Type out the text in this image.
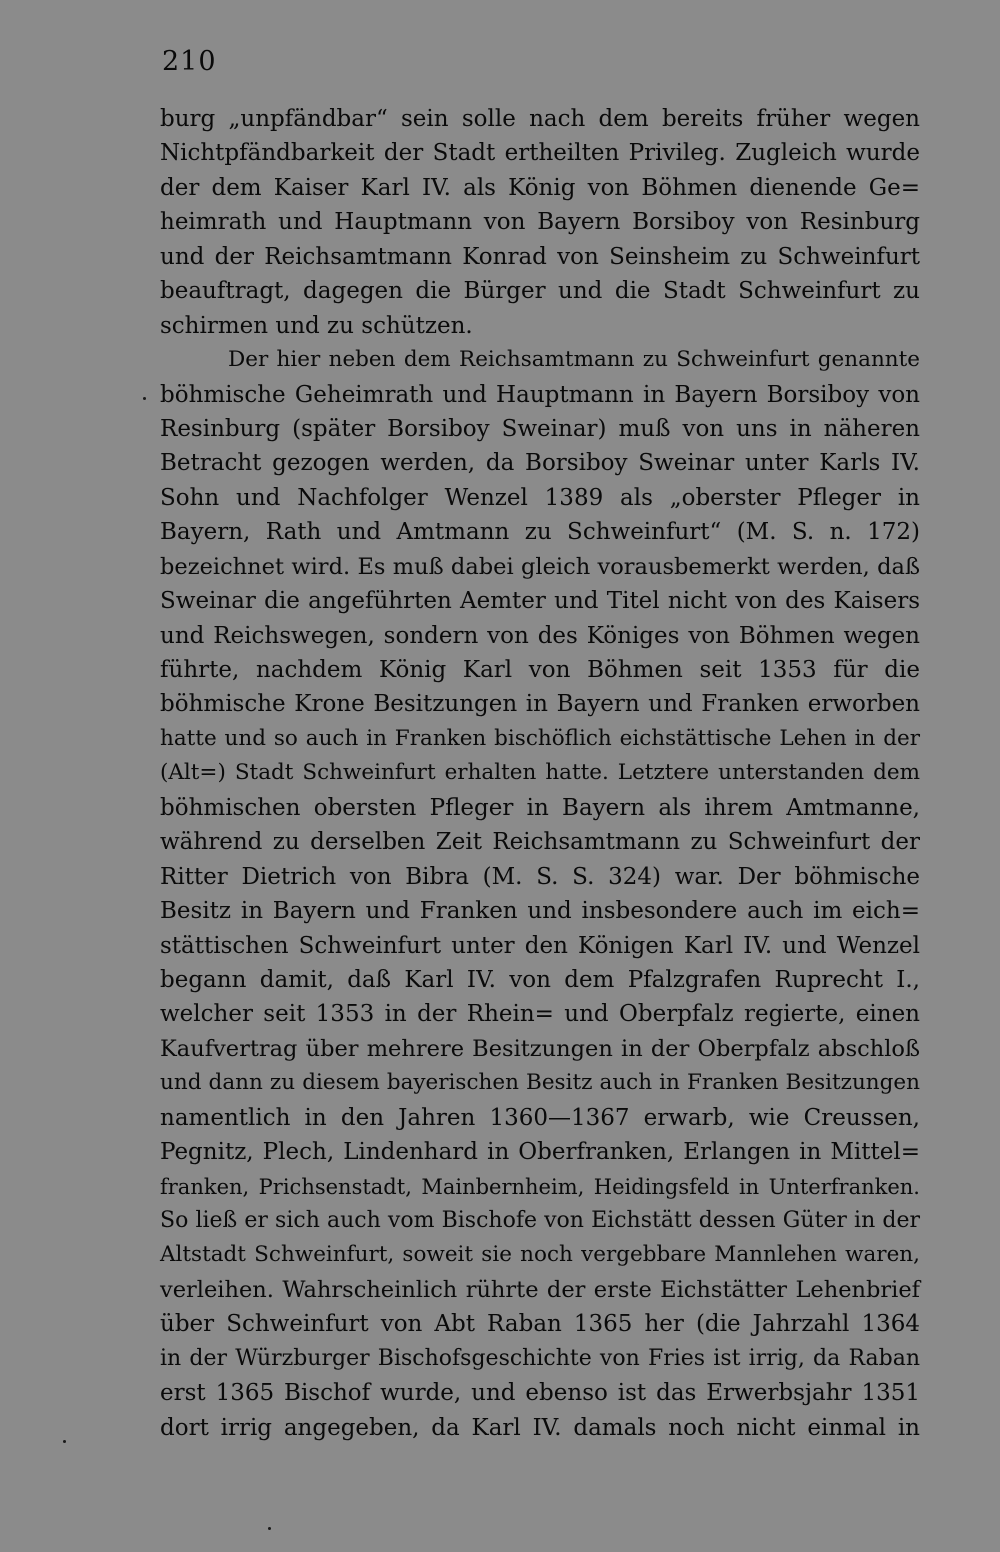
210
burg „unpfändbar“ sein solle nach dem bereits früher wegen
Nichtpfändbarkeit der Stadt ertheilten Privileg. Zugleich wurde
der dem Kaiser Karl IV. als König von Böhmen dienende Ge=
heimrath und Hauptmann von Bayern Borsiboy von Resinburg
und der Reichsamtmann Konrad von Seinsheim zu Schweinfurt
beauftragt, dagegen die Bürger und die Stadt Schweinfurt zu
schirmen und zu schützen.
Der hier neben dem Reichsamtmann zu Schweinfurt genannte
böhmische Geheimrath und Hauptmann in Bayern Borsiboy von
Resinburg (später Borsiboy Sweinar) muß von uns in näheren
Betracht gezogen werden, da Borsiboy Sweinar unter Karls IV.
Sohn und Nachfolger Wenzel 1389 als „oberster Pfleger in
Bayern, Rath und Amtmann zu Schweinfurt“ (M. S. n. 172)
bezeichnet wird. Es muß dabei gleich vorausbemerkt werden, daß
Sweinar die angeführten Aemter und Titel nicht von des Kaisers
und Reichswegen, sondern von des Königes von Böhmen wegen
führte, nachdem König Karl von Böhmen seit 1353 für die
böhmische Krone Besitzungen in Bayern und Franken erworben
hatte und so auch in Franken bischöflich eichstättische Lehen in der
(Alt=) Stadt Schweinfurt erhalten hatte. Letztere unterstanden dem
böhmischen obersten Pfleger in Bayern als ihrem Amtmanne,
während zu derselben Zeit Reichsamtmann zu Schweinfurt der
Ritter Dietrich von Bibra (M. S. S. 324) war. Der böhmische
Besitz in Bayern und Franken und insbesondere auch im eich=
stättischen Schweinfurt unter den Königen Karl IV. und Wenzel
begann damit, daß Karl IV. von dem Pfalzgrafen Ruprecht I.,
welcher seit 1353 in der Rhein= und Oberpfalz regierte, einen
Kaufvertrag über mehrere Besitzungen in der Oberpfalz abschloß
und dann zu diesem bayerischen Besitz auch in Franken Besitzungen
namentlich in den Jahren 1360—1367 erwarb, wie Creussen,
Pegnitz, Plech, Lindenhard in Oberfranken, Erlangen in Mittel=
franken, Prichsenstadt, Mainbernheim, Heidingsfeld in Unterfranken.
So ließ er sich auch vom Bischofe von Eichstätt dessen Güter in der
Altstadt Schweinfurt, soweit sie noch vergebbare Mannlehen waren,
verleihen. Wahrscheinlich rührte der erste Eichstätter Lehenbrief
über Schweinfurt von Abt Raban 1365 her (die Jahrzahl 1364
in der Würzburger Bischofsgeschichte von Fries ist irrig, da Raban
erst 1365 Bischof wurde, und ebenso ist das Erwerbsjahr 1351
dort irrig angegeben, da Karl IV. damals noch nicht einmal in
